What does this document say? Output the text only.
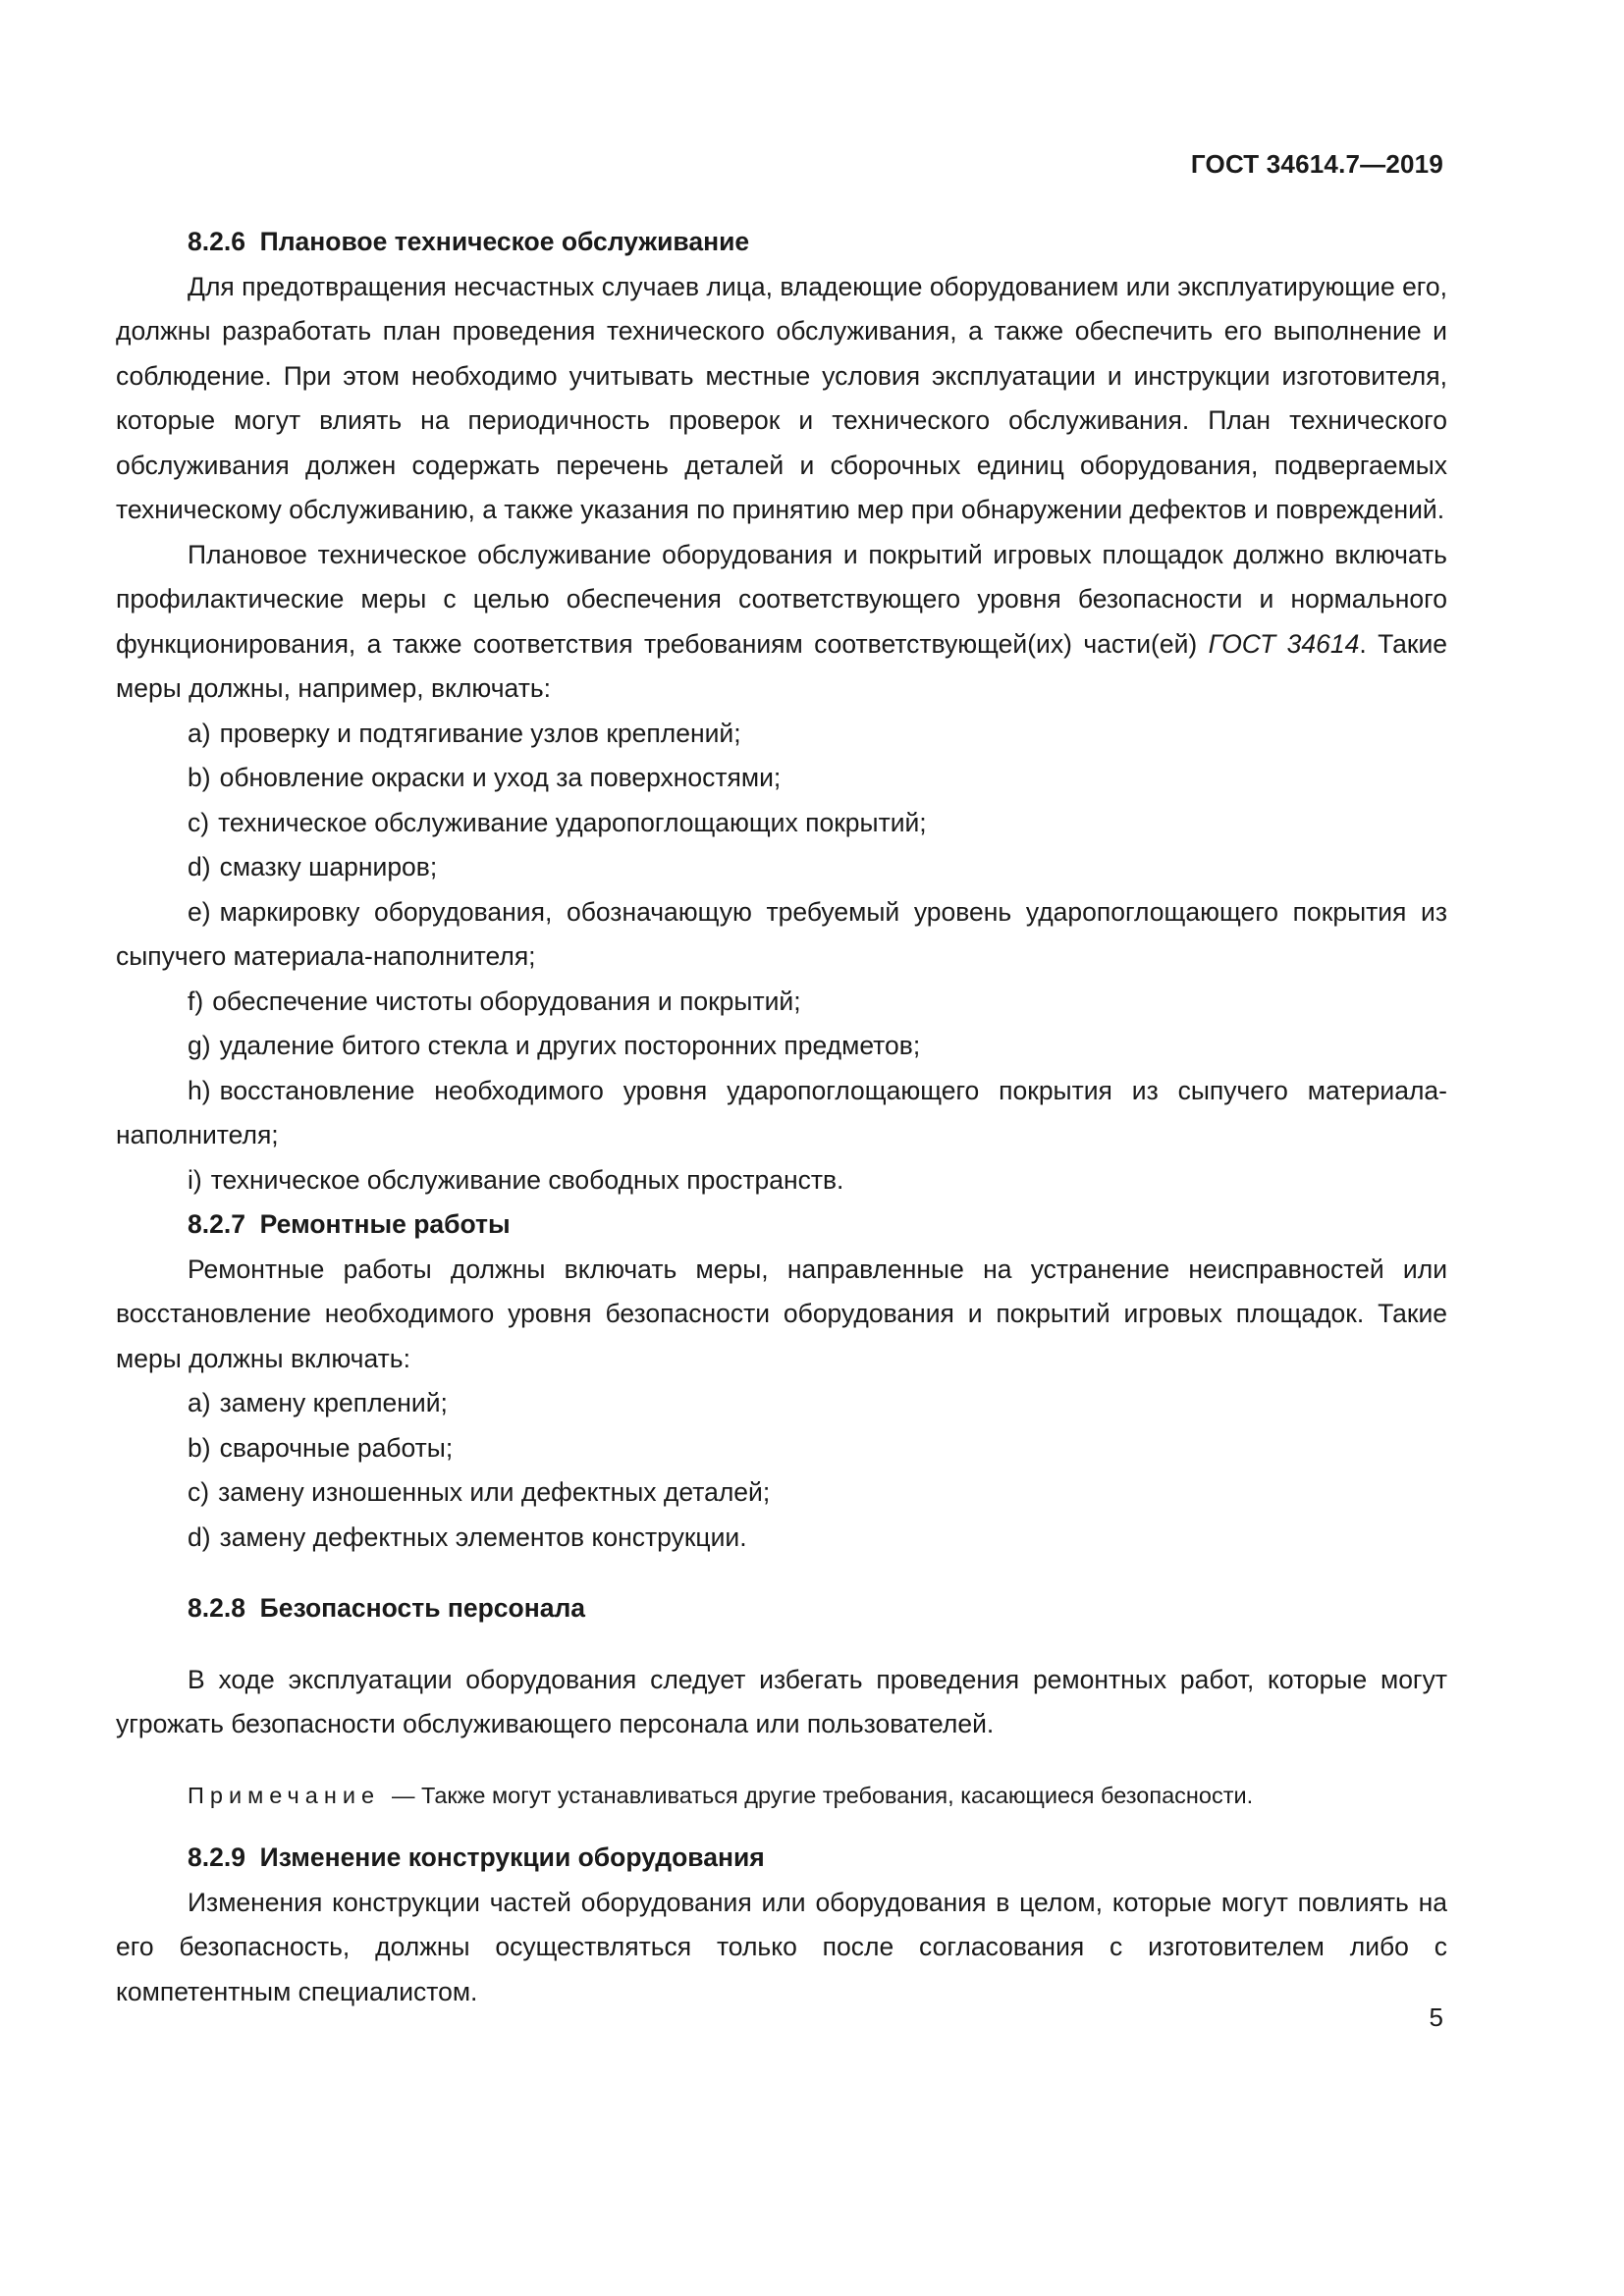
ГОСТ 34614.7—2019

8.2.6  Плановое техническое обслуживание

Для предотвращения несчастных случаев лица, владеющие оборудованием или эксплуатирующие его, должны разработать план проведения технического обслуживания, а также обеспечить его выполнение и соблюдение. При этом необходимо учитывать местные условия эксплуатации и инструкции изготовителя, которые могут влиять на периодичность проверок и технического обслуживания. План технического обслуживания должен содержать перечень деталей и сборочных единиц оборудования, подвергаемых техническому обслуживанию, а также указания по принятию мер при обнаружении дефектов и повреждений.

Плановое техническое обслуживание оборудования и покрытий игровых площадок должно включать профилактические меры с целью обеспечения соответствующего уровня безопасности и нормального функционирования, а также соответствия требованиям соответствующей(их) части(ей) ГОСТ 34614. Такие меры должны, например, включать:

a) проверку и подтягивание узлов креплений;

b) обновление окраски и уход за поверхностями;

c) техническое обслуживание ударопоглощающих покрытий;

d) смазку шарниров;

e) маркировку оборудования, обозначающую требуемый уровень ударопоглощающего покрытия из сыпучего материала-наполнителя;

f) обеспечение чистоты оборудования и покрытий;

g) удаление битого стекла и других посторонних предметов;

h) восстановление необходимого уровня ударопоглощающего покрытия из сыпучего материала-наполнителя;

i) техническое обслуживание свободных пространств.

8.2.7  Ремонтные работы

Ремонтные работы должны включать меры, направленные на устранение неисправностей или восстановление необходимого уровня безопасности оборудования и покрытий игровых площадок. Такие меры должны включать:

a) замену креплений;

b) сварочные работы;

c) замену изношенных или дефектных деталей;

d) замену дефектных элементов конструкции.

8.2.8  Безопасность персонала

В ходе эксплуатации оборудования следует избегать проведения ремонтных работ, которые могут угрожать безопасности обслуживающего персонала или пользователей.

Примечание — Также могут устанавливаться другие требования, касающиеся безопасности.

8.2.9  Изменение конструкции оборудования

Изменения конструкции частей оборудования или оборудования в целом, которые могут повлиять на его безопасность, должны осуществляться только после согласования с изготовителем либо с компетентным специалистом.

5
